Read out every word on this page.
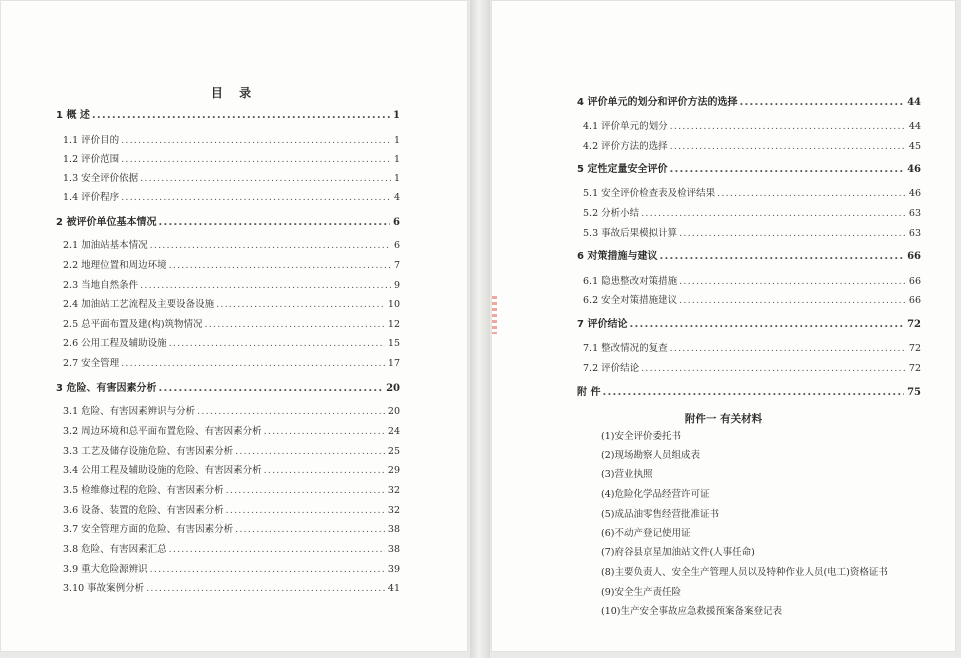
目 录
1 概 述 .....	1
1.1 评价目的 .....	1
1.2 评价范围 .....	1
1.3 安全评价依据 .....	1
1.4 评价程序 .....	4
2 被评价单位基本情况 .....	6
2.1 加油站基本情况 .....	6
2.2 地理位置和周边环境 .....	7
2.3 当地自然条件 .....	9
2.4 加油站工艺流程及主要设备设施 .....	10
2.5 总平面布置及建(构)筑物情况 .....	12
2.6 公用工程及辅助设施 .....	15
2.7 安全管理 .....	17
3 危险、有害因素分析 .....	20
3.1 危险、有害因素辨识与分析 .....	20
3.2 周边环境和总平面布置危险、有害因素分析 .....	24
3.3 工艺及储存设施危险、有害因素分析 .....	25
3.4 公用工程及辅助设施的危险、有害因素分析 .....	29
3.5 检维修过程的危险、有害因素分析 .....	32
3.6 设备、装置的危险、有害因素分析 .....	32
3.7 安全管理方面的危险、有害因素分析 .....	38
3.8 危险、有害因素汇总 .....	38
3.9 重大危险源辨识 .....	39
3.10 事故案例分析 .....	41
4 评价单元的划分和评价方法的选择 .....	44
4.1 评价单元的划分 .....	44
4.2 评价方法的选择 .....	45
5 定性定量安全评价 .....	46
5.1 安全评价检查表及检评结果 .....	46
5.2 分析小结 .....	63
5.3 事故后果模拟计算 .....	63
6 对策措施与建议 .....	66
6.1 隐患整改对策措施 .....	66
6.2 安全对策措施建议 .....	66
7 评价结论 .....	72
7.1 整改情况的复查 .....	72
7.2 评价结论 .....	72
附 件 .....	75
附件一 有关材料
(1)安全评价委托书
(2)现场勘察人员组成表
(3)营业执照
(4)危险化学品经营许可证
(5)成品油零售经营批准证书
(6)不动产登记使用证
(7)府谷县京星加油站文件(人事任命)
(8)主要负责人、安全生产管理人员以及特种作业人员(电工)资格证书
(9)安全生产责任险
(10)生产安全事故应急救援预案备案登记表
